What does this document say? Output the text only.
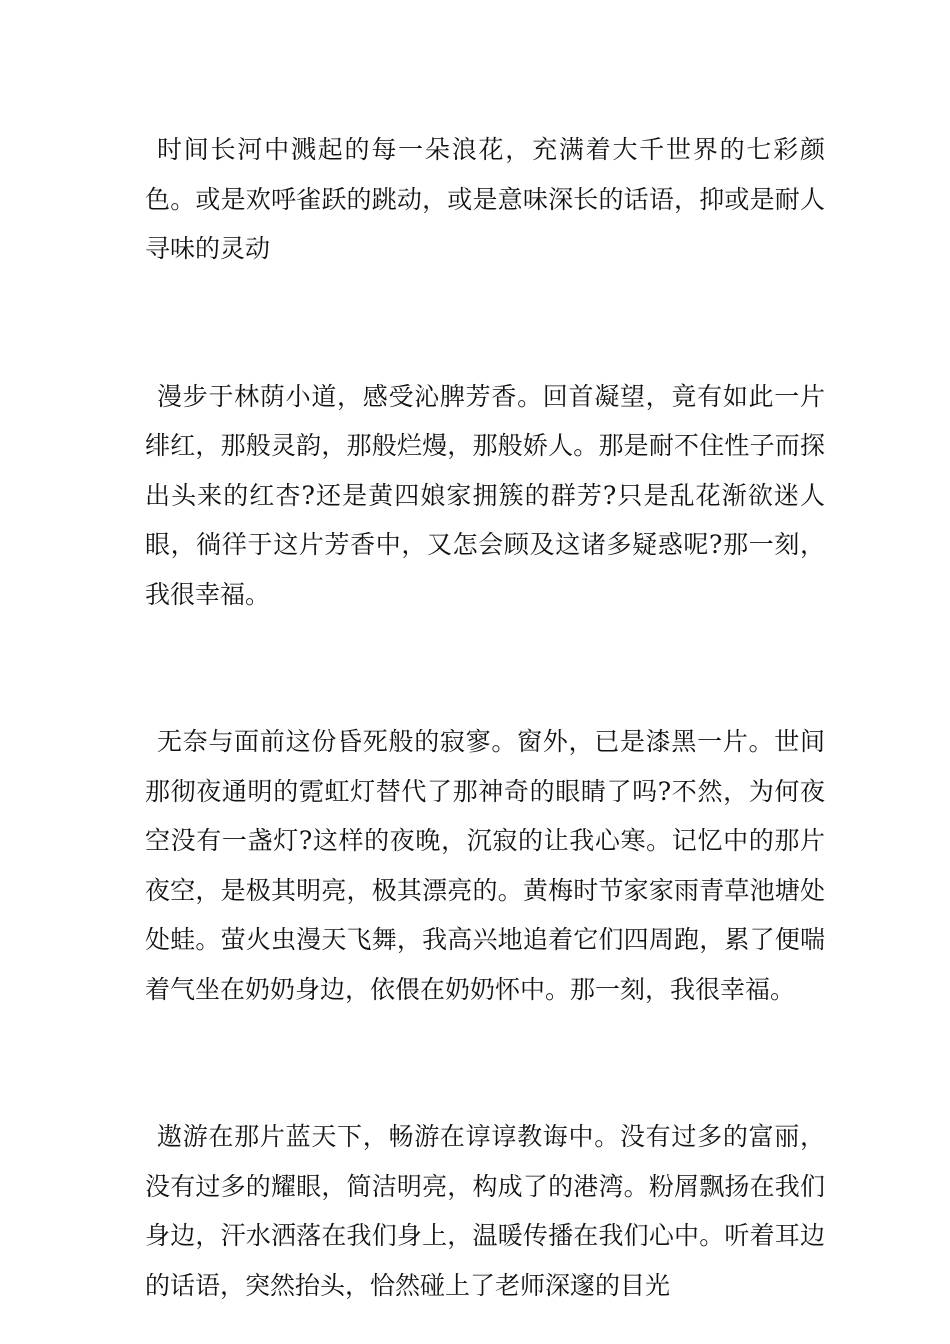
时间长河中溅起的每一朵浪花，充满着大千世界的七彩颜色。或是欢呼雀跃的跳动，或是意味深长的话语，抑或是耐人寻味的灵动

漫步于林荫小道，感受沁脾芳香。回首凝望，竟有如此一片绯红，那般灵韵，那般烂熳，那般娇人。那是耐不住性子而探出头来的红杏?还是黄四娘家拥簇的群芳?只是乱花渐欲迷人眼，徜徉于这片芳香中，又怎会顾及这诸多疑惑呢?那一刻，我很幸福。

无奈与面前这份昏死般的寂寥。窗外，已是漆黑一片。世间那彻夜通明的霓虹灯替代了那神奇的眼睛了吗?不然，为何夜空没有一盏灯?这样的夜晚，沉寂的让我心寒。记忆中的那片夜空，是极其明亮，极其漂亮的。黄梅时节家家雨青草池塘处处蛙。萤火虫漫天飞舞，我高兴地追着它们四周跑，累了便喘着气坐在奶奶身边，依偎在奶奶怀中。那一刻，我很幸福。

遨游在那片蓝天下，畅游在谆谆教诲中。没有过多的富丽，没有过多的耀眼，简洁明亮，构成了的港湾。粉屑飘扬在我们身边，汗水洒落在我们身上，温暖传播在我们心中。听着耳边的话语，突然抬头，恰然碰上了老师深邃的目光
